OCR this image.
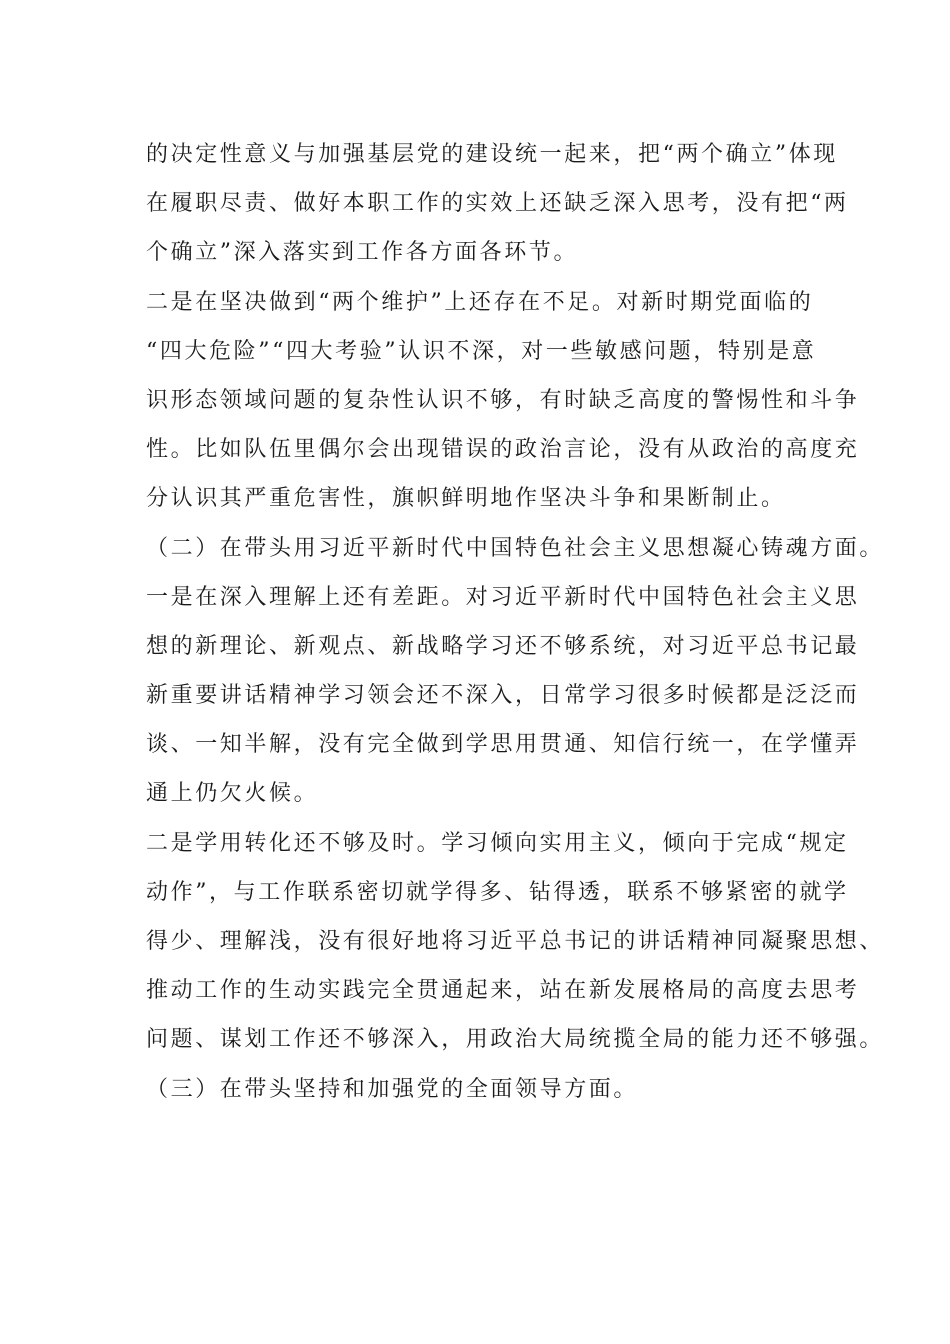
的决定性意义与加强基层党的建设统一起来，把“两个确立”体现
在履职尽责、做好本职工作的实效上还缺乏深入思考，没有把“两
个确立”深入落实到工作各方面各环节。
二是在坚决做到“两个维护”上还存在不足。对新时期党面临的
“四大危险”“四大考验”认识不深，对一些敏感问题，特别是意
识形态领域问题的复杂性认识不够，有时缺乏高度的警惕性和斗争
性。比如队伍里偶尔会出现错误的政治言论，没有从政治的高度充
分认识其严重危害性，旗帜鲜明地作坚决斗争和果断制止。
（二）在带头用习近平新时代中国特色社会主义思想凝心铸魂方面。
一是在深入理解上还有差距。对习近平新时代中国特色社会主义思
想的新理论、新观点、新战略学习还不够系统，对习近平总书记最
新重要讲话精神学习领会还不深入，日常学习很多时候都是泛泛而
谈、一知半解，没有完全做到学思用贯通、知信行统一，在学懂弄
通上仍欠火候。
二是学用转化还不够及时。学习倾向实用主义，倾向于完成“规定
动作”，与工作联系密切就学得多、钻得透，联系不够紧密的就学
得少、理解浅，没有很好地将习近平总书记的讲话精神同凝聚思想、
推动工作的生动实践完全贯通起来，站在新发展格局的高度去思考
问题、谋划工作还不够深入，用政治大局统揽全局的能力还不够强。
（三）在带头坚持和加强党的全面领导方面。
